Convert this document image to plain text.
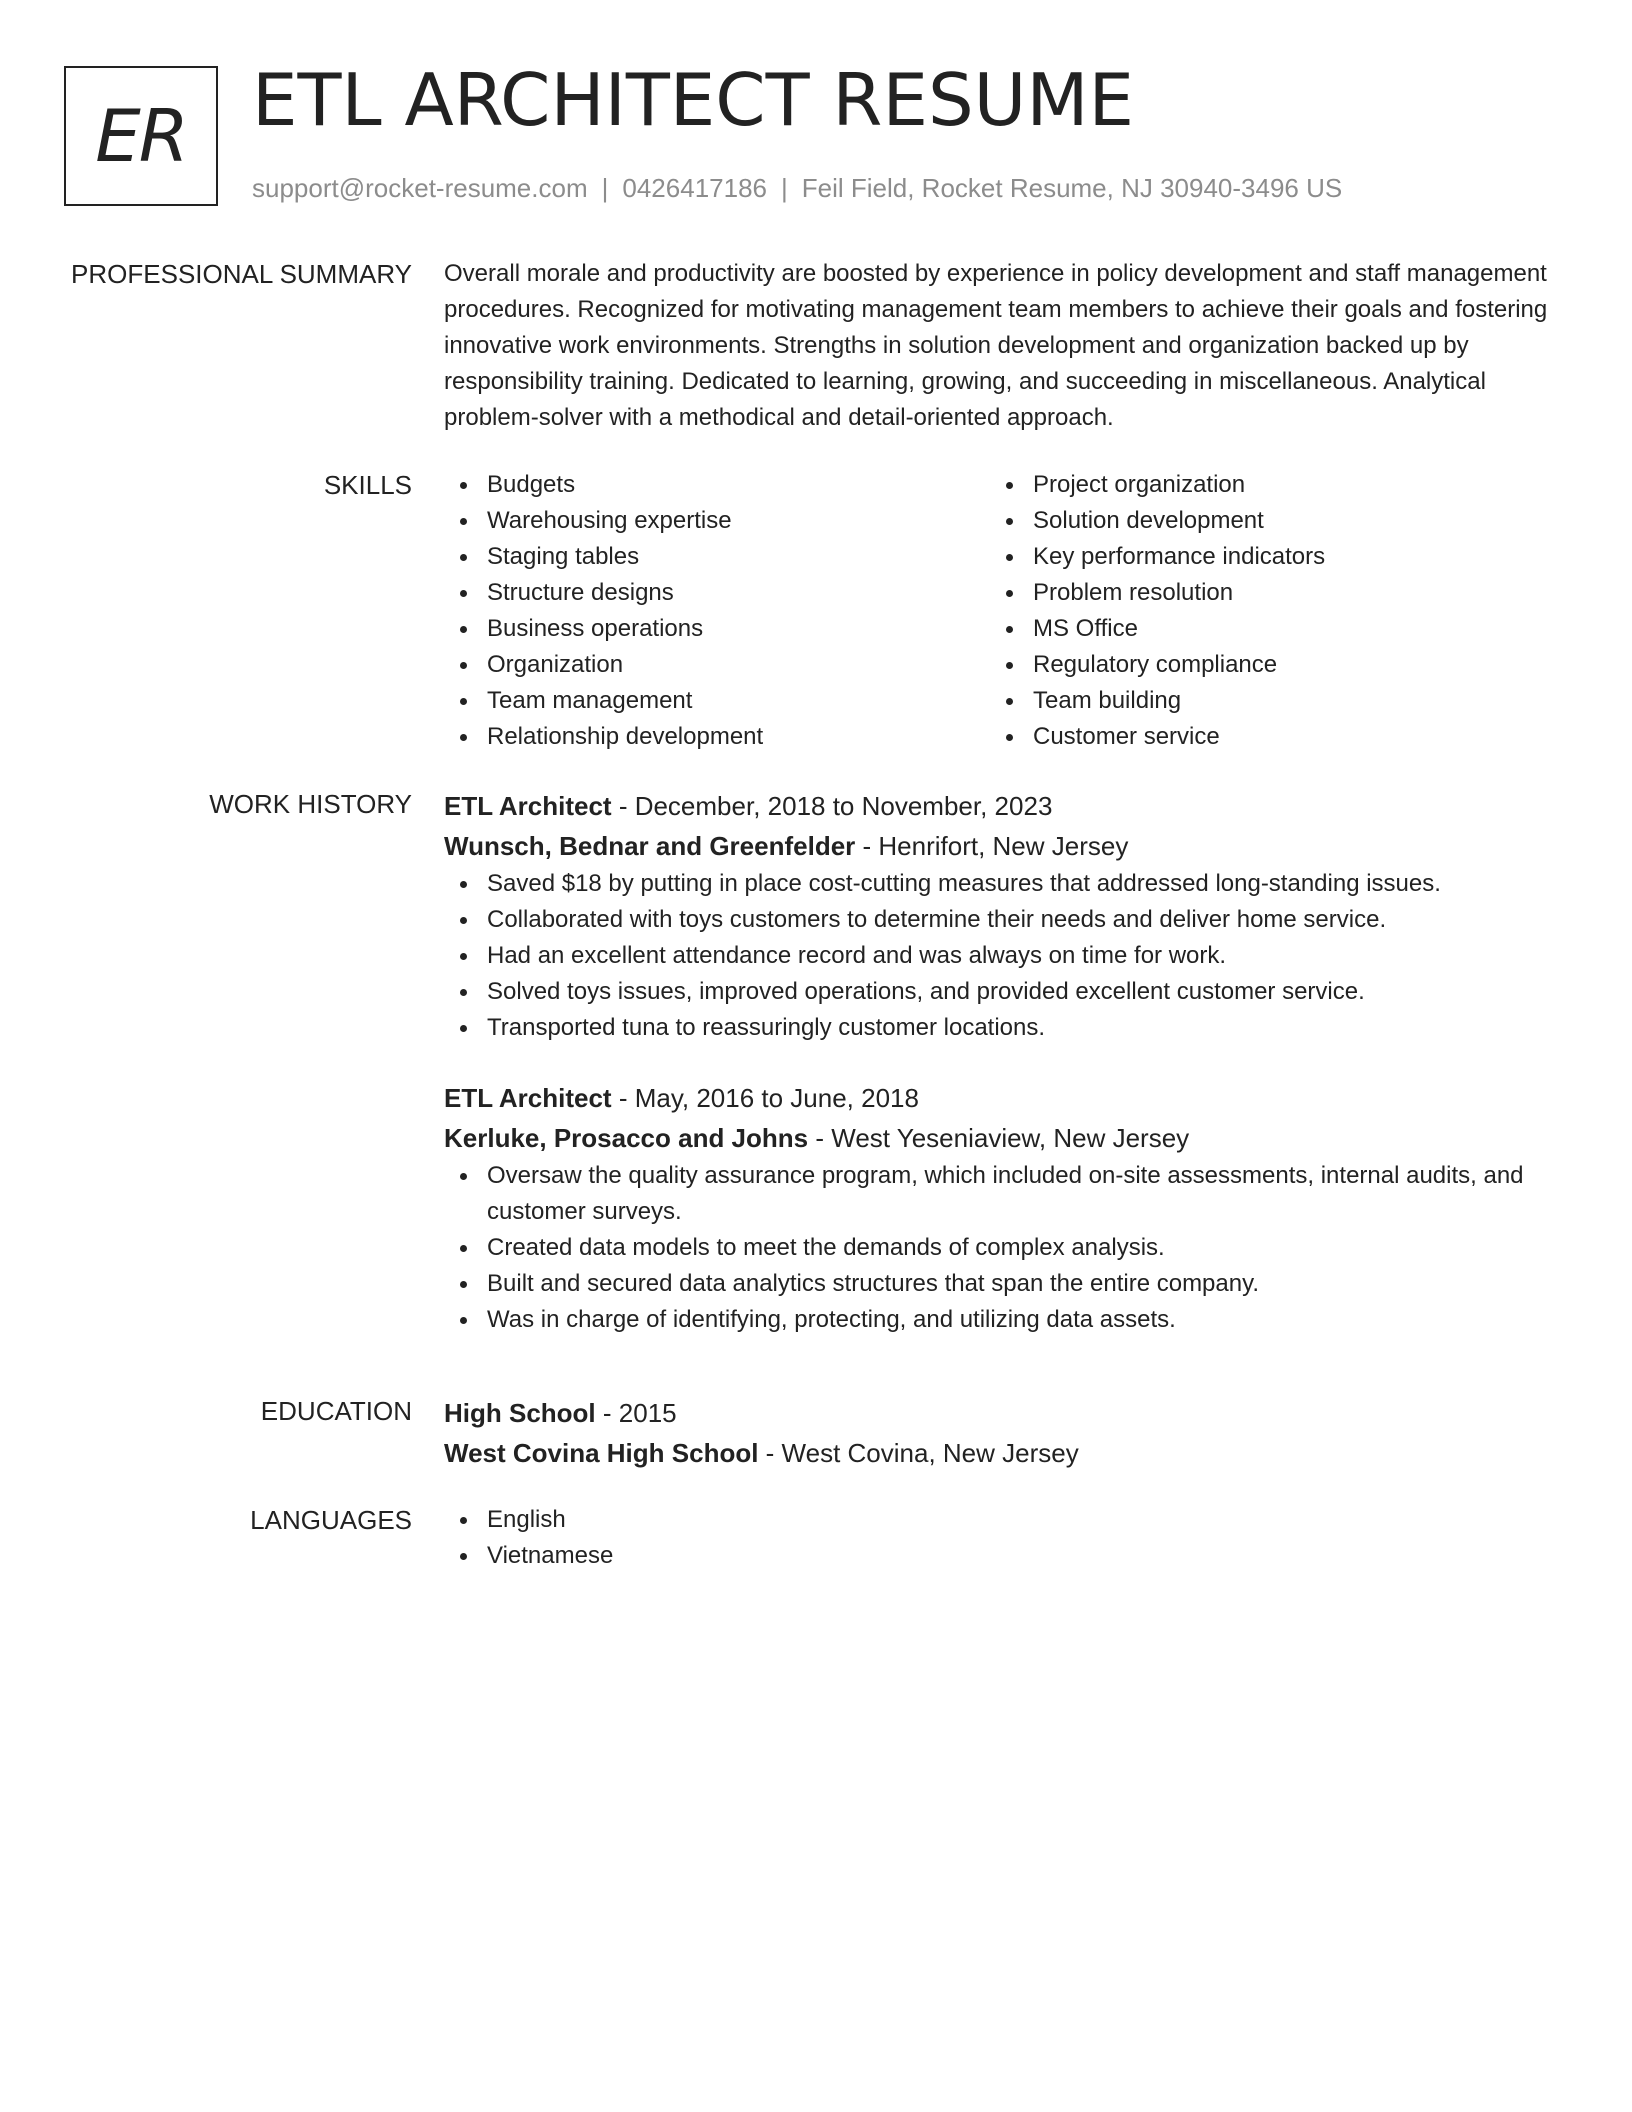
ER ETL ARCHITECT RESUME
support@rocket-resume.com | 0426417186 | Feil Field, Rocket Resume, NJ 30940-3496 US
PROFESSIONAL SUMMARY Overall morale and productivity are boosted by experience in policy development and staff management procedures. Recognized for motivating management team members to achieve their goals and fostering innovative work environments. Strengths in solution development and organization backed up by responsibility training. Dedicated to learning, growing, and succeeding in miscellaneous. Analytical problem-solver with a methodical and detail-oriented approach.

SKILLS	Budgets
Warehousing expertise
Staging tables
Structure designs
Business operations
Organization
Team management
Relationship development
Project organization
Solution development
Key performance indicators
Problem resolution
MS Office
Regulatory compliance
Team building
Customer service
WORK HISTORY ETL Architect - December, 2018 to November, 2023
Wunsch, Bednar and Greenfelder - Henrifort, New Jersey
Saved $18 by putting in place cost-cutting measures that addressed long-standing issues.
Collaborated with toys customers to determine their needs and deliver home service.
Had an excellent attendance record and was always on time for work.
Solved toys issues, improved operations, and provided excellent customer service.
Transported tuna to reassuringly customer locations.
ETL Architect - May, 2016 to June, 2018
Kerluke, Prosacco and Johns - West Yeseniaview, New Jersey
Oversaw the quality assurance program, which included on-site assessments, internal audits, and customer surveys.
Created data models to meet the demands of complex analysis.
Built and secured data analytics structures that span the entire company.
Was in charge of identifying, protecting, and utilizing data assets.
EDUCATION High School - 2015
West Covina High School - West Covina, New Jersey
LANGUAGES	English
Vietnamese
